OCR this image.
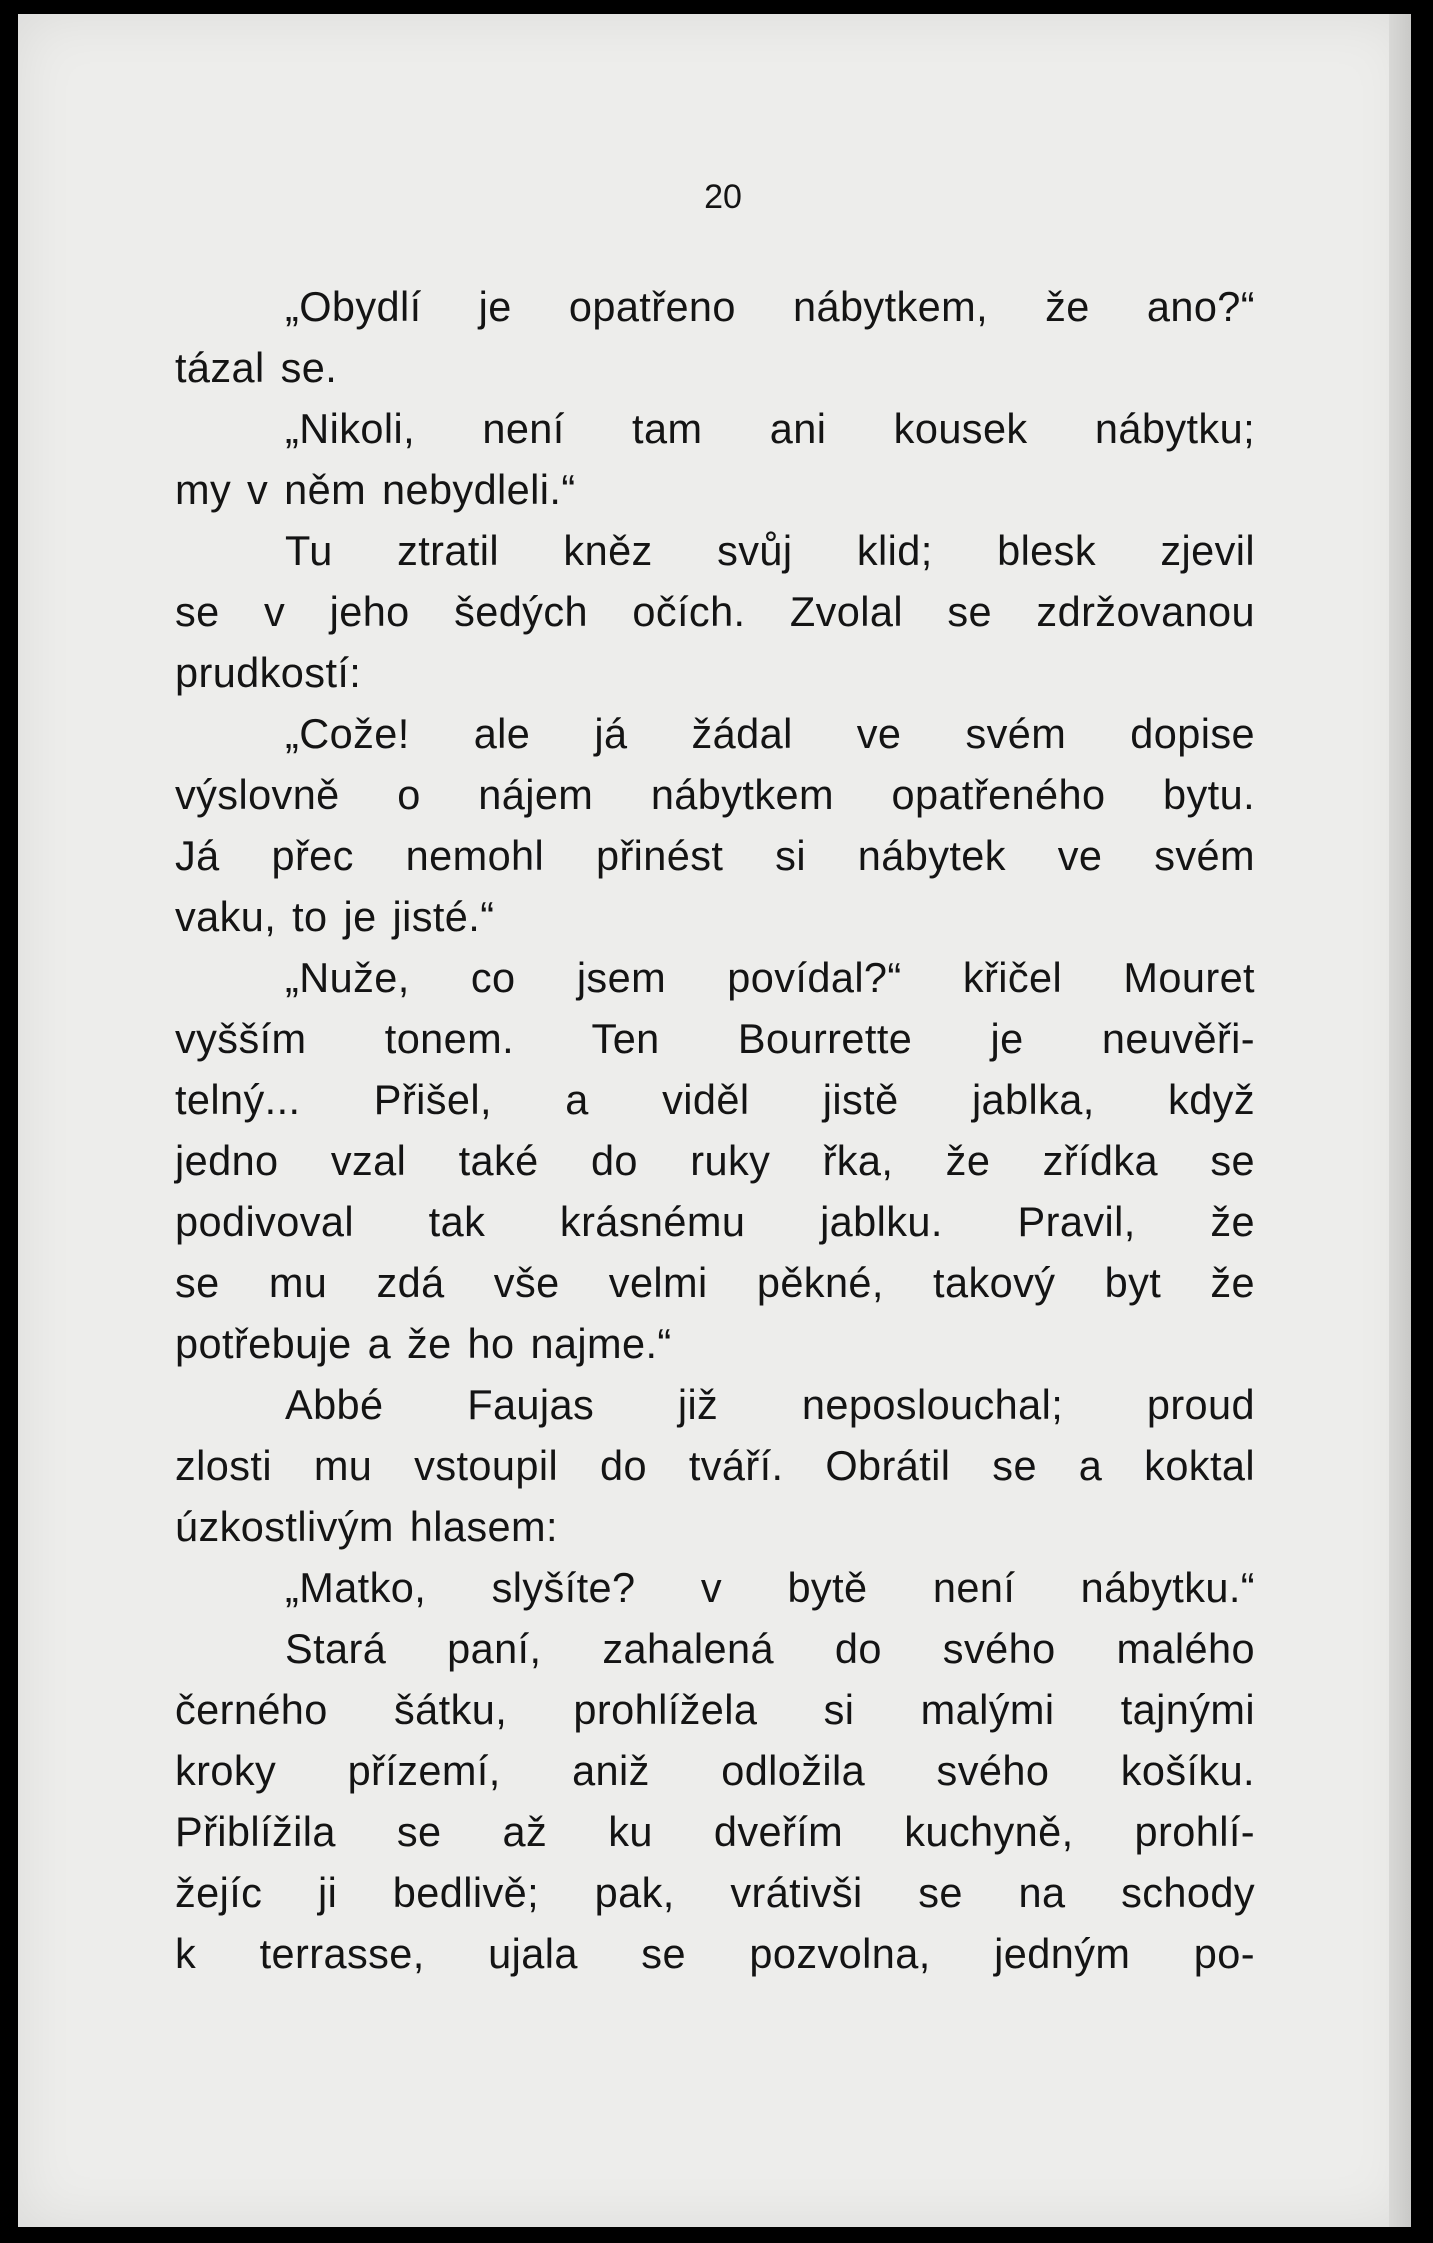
20
„Obydlí je opatřeno nábytkem, že ano?“
tázal se.
„Nikoli, není tam ani kousek nábytku;
my v něm nebydleli.“
Tu ztratil kněz svůj klid; blesk zjevil
se v jeho šedých očích. Zvolal se zdržovanou
prudkostí:
„Cože! ale já žádal ve svém dopise
výslovně o nájem nábytkem opatřeného bytu.
Já přec nemohl přinést si nábytek ve svém
vaku, to je jisté.“
„Nuže, co jsem povídal?“ křičel Mouret
vyšším tonem. Ten Bourrette je neuvěři-
telný... Přišel, a viděl jistě jablka, když
jedno vzal také do ruky řka, že zřídka se
podivoval tak krásnému jablku. Pravil, že
se mu zdá vše velmi pěkné, takový byt že
potřebuje a že ho najme.“
Abbé Faujas již neposlouchal; proud
zlosti mu vstoupil do tváří. Obrátil se a koktal
úzkostlivým hlasem:
„Matko, slyšíte? v bytě není nábytku.“
Stará paní, zahalená do svého malého
černého šátku, prohlížela si malými tajnými
kroky přízemí, aniž odložila svého košíku.
Přiblížila se až ku dveřím kuchyně, prohlí-
žejíc ji bedlivě; pak, vrátivši se na schody
k terrasse, ujala se pozvolna, jedným po-
